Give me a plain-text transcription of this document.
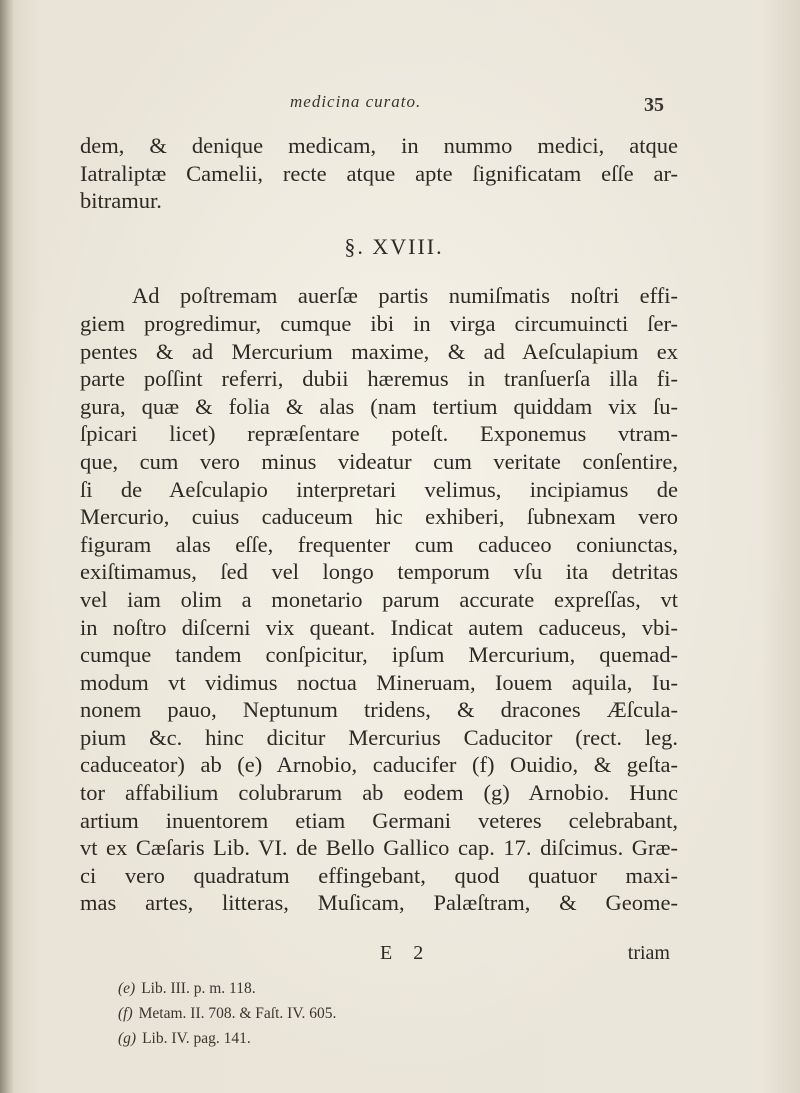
medicina curato.	35
dem, & denique medicam, in nummo medici, atque
Iatraliptæ Camelii, recte atque apte ſignificatam eſſe ar-
bitramur.
§. XVIII.
Ad poſtremam auerſæ partis numiſmatis noſtri effi-
giem progredimur, cumque ibi in virga circumuincti ſer-
pentes & ad Mercurium maxime, & ad Aeſculapium ex
parte poſſint referri, dubii hæremus in tranſuerſa illa fi-
gura, quæ & folia & alas (nam tertium quiddam vix ſu-
ſpicari licet) repræſentare poteſt. Exponemus vtram-
que, cum vero minus videatur cum veritate conſentire,
ſi de Aeſculapio interpretari velimus, incipiamus de
Mercurio, cuius caduceum hic exhiberi, ſubnexam vero
figuram alas eſſe, frequenter cum caduceo coniunctas,
exiſtimamus, ſed vel longo temporum vſu ita detritas
vel iam olim a monetario parum accurate expreſſas, vt
in noſtro diſcerni vix queant. Indicat autem caduceus, vbi-
cumque tandem conſpicitur, ipſum Mercurium, quemad-
modum vt vidimus noctua Mineruam, Iouem aquila, Iu-
nonem pauo, Neptunum tridens, & dracones Æſcula-
pium &c. hinc dicitur Mercurius Caducitor (rect. leg.
caduceator) ab (e) Arnobio, caducifer (f) Ouidio, & geſta-
tor affabilium colubrarum ab eodem (g) Arnobio. Hunc
artium inuentorem etiam Germani veteres celebrabant,
vt ex Cæſaris Lib. VI. de Bello Gallico cap. 17. diſcimus. Græ-
ci vero quadratum effingebant, quod quatuor maxi-
mas artes, litteras, Muſicam, Palæſtram, & Geome-
E 2	triam
(e) Lib. III. p. m. 118.
(f) Metam. II. 708. & Faſt. IV. 605.
(g) Lib. IV. pag. 141.
